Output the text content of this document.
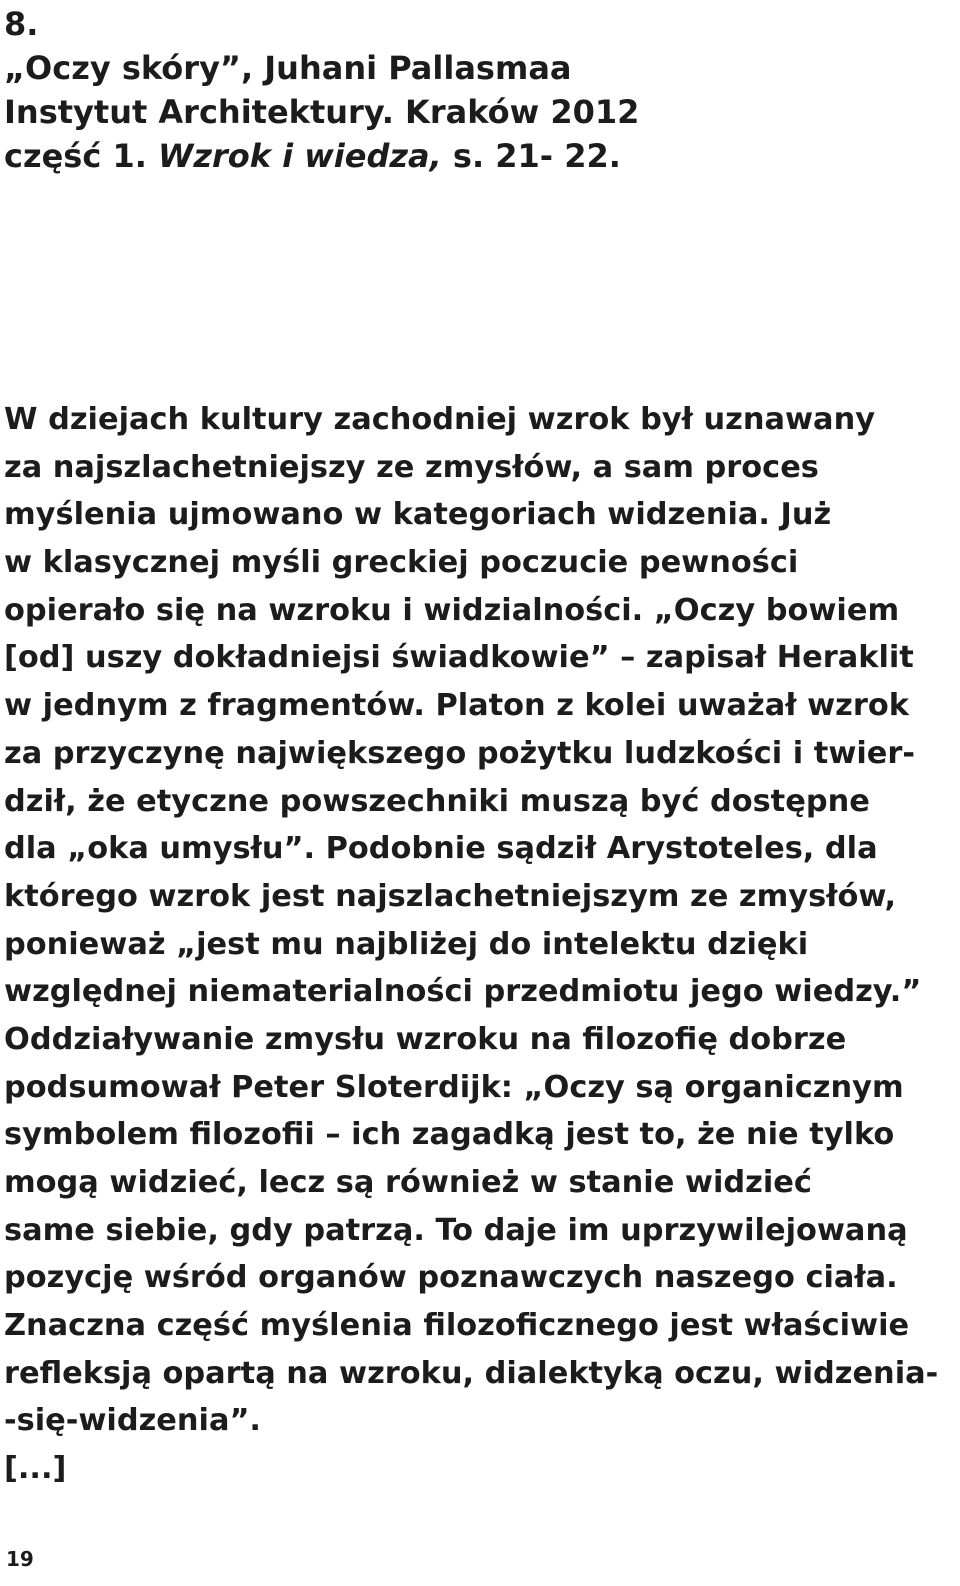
8.
„Oczy skóry”, Juhani Pallasmaa
Instytut Architektury. Kraków 2012
część 1. Wzrok i wiedza, s. 21- 22.
W dziejach kultury zachodniej wzrok był uznawany
za najszlachetniejszy ze zmysłów, a sam proces
myślenia ujmowano w kategoriach widzenia. Już
w klasycznej myśli greckiej poczucie pewności
opierało się na wzroku i widzialności. „Oczy bowiem
[od] uszy dokładniejsi świadkowie” – zapisał Heraklit
w jednym z fragmentów. Platon z kolei uważał wzrok
za przyczynę największego pożytku ludzkości i twier-
dził, że etyczne powszechniki muszą być dostępne
dla „oka umysłu”. Podobnie sądził Arystoteles, dla
którego wzrok jest najszlachetniejszym ze zmysłów,
ponieważ „jest mu najbliżej do intelektu dzięki
względnej niematerialności przedmiotu jego wiedzy.”
Oddziaływanie zmysłu wzroku na filozofię dobrze
podsumował Peter Sloterdijk: „Oczy są organicznym
symbolem filozofii – ich zagadką jest to, że nie tylko
mogą widzieć, lecz są również w stanie widzieć
same siebie, gdy patrzą. To daje im uprzywilejowaną
pozycję wśród organów poznawczych naszego ciała.
Znaczna część myślenia filozoficznego jest właściwie
refleksją opartą na wzroku, dialektyką oczu, widzenia-
-się-widzenia”.
[...]
19
